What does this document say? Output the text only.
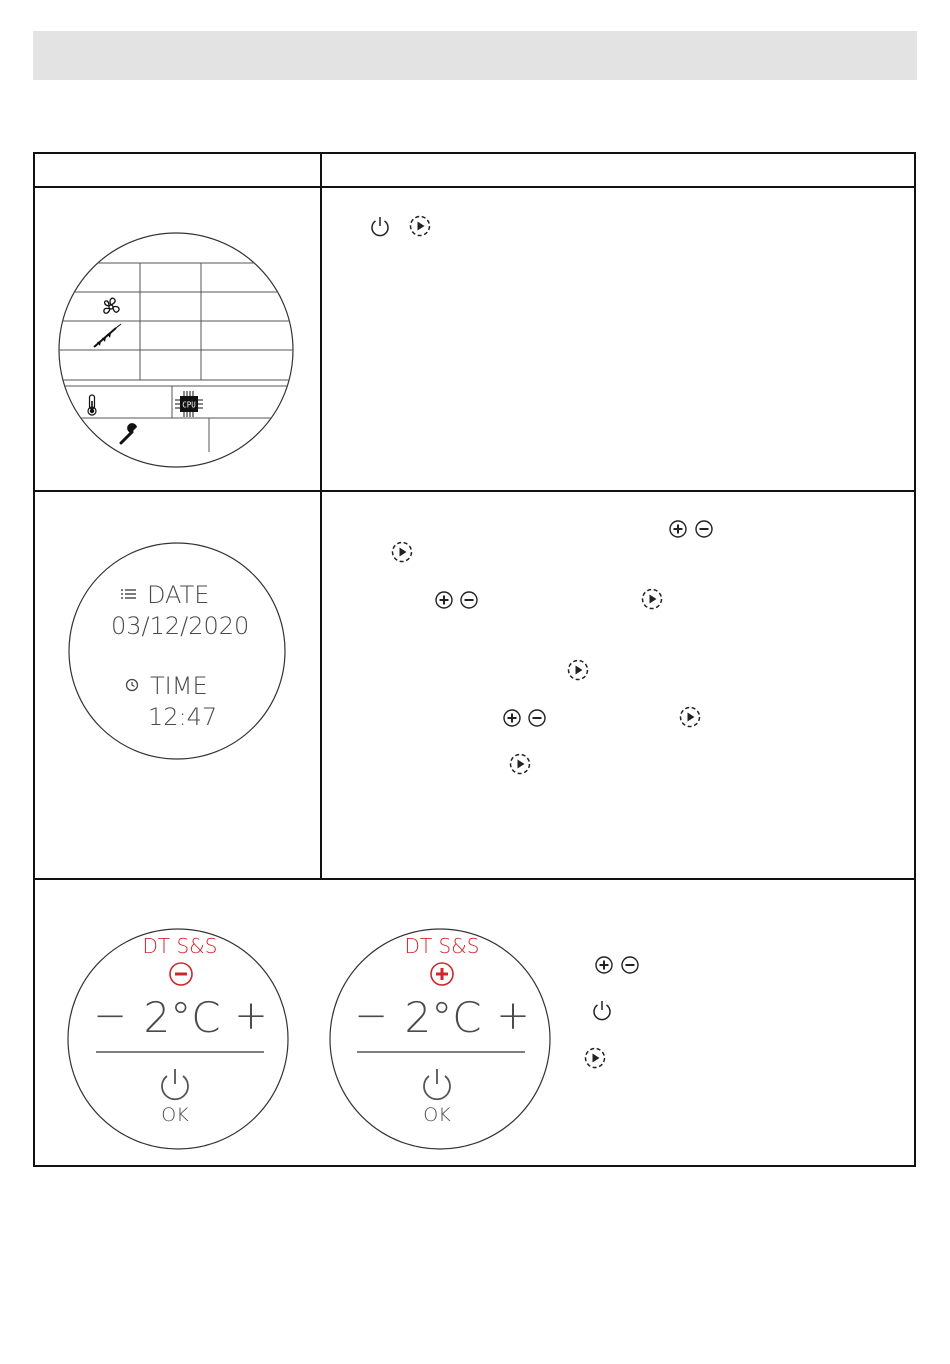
CPU
DATE
03/12/2020
TIME
12:47
DT S&S
− 2°C +
OK
DT S&S
− 2°C +
OK
